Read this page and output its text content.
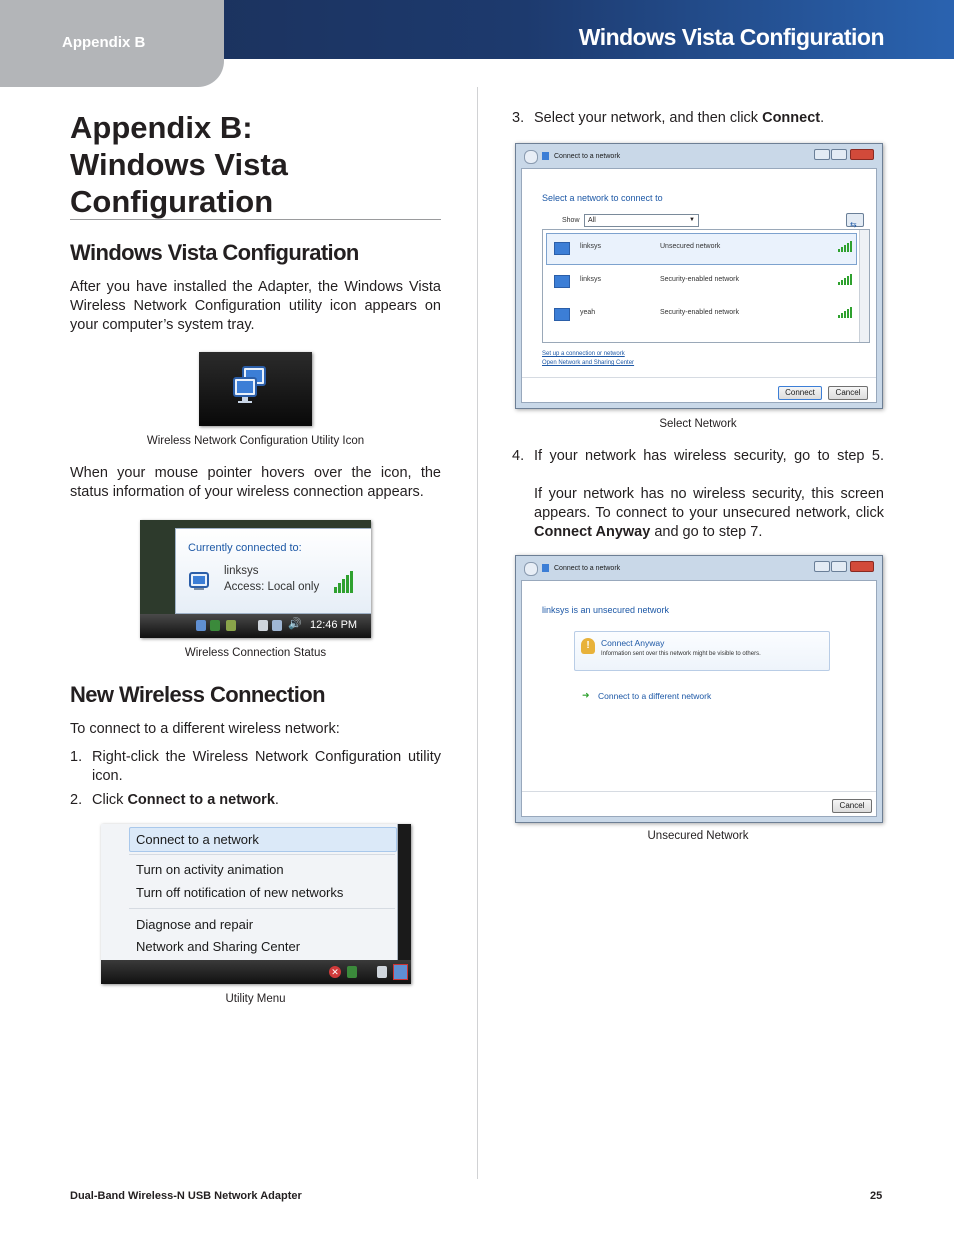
Appendix B	Windows Vista Configuration
Appendix B:
Windows Vista
Configuration
Windows Vista Configuration
After you have installed the Adapter, the Windows Vista Wireless Network Configuration utility icon appears on your computer’s system tray.
Wireless Network Configuration Utility Icon
When your mouse pointer hovers over the icon, the status information of your wireless connection appears.
Currently connected to:
linksys
Access: Local only
🔊 12:46 PM
Wireless Connection Status
New Wireless Connection
To connect to a different wireless network:
1. Right-click the Wireless Network Configuration utility icon.
2. Click Connect to a network.
Connect to a network
Turn on activity animation
Turn off notification of new networks
Diagnose and repair
Network and Sharing Center
✕
Utility Menu
3. Select your network, and then click Connect.
Connect to a network
Select a network to connect to
Show	All	▼	⇆
linksys	Unsecured network
linksys	Security-enabled network
yeah	Security-enabled network
Set up a connection or network
Open Network and Sharing Center
Connect	Cancel
Select Network
4. If your network has wireless security, go to step 5.
If your network has no wireless security, this screen appears. To connect to your unsecured network, click Connect Anyway and go to step 7.
Connect to a network
linksys is an unsecured network
!	Connect Anyway
Information sent over this network might be visible to others.
➜ Connect to a different network
Cancel
Unsecured Network
Dual-Band Wireless-N USB Network Adapter	25
